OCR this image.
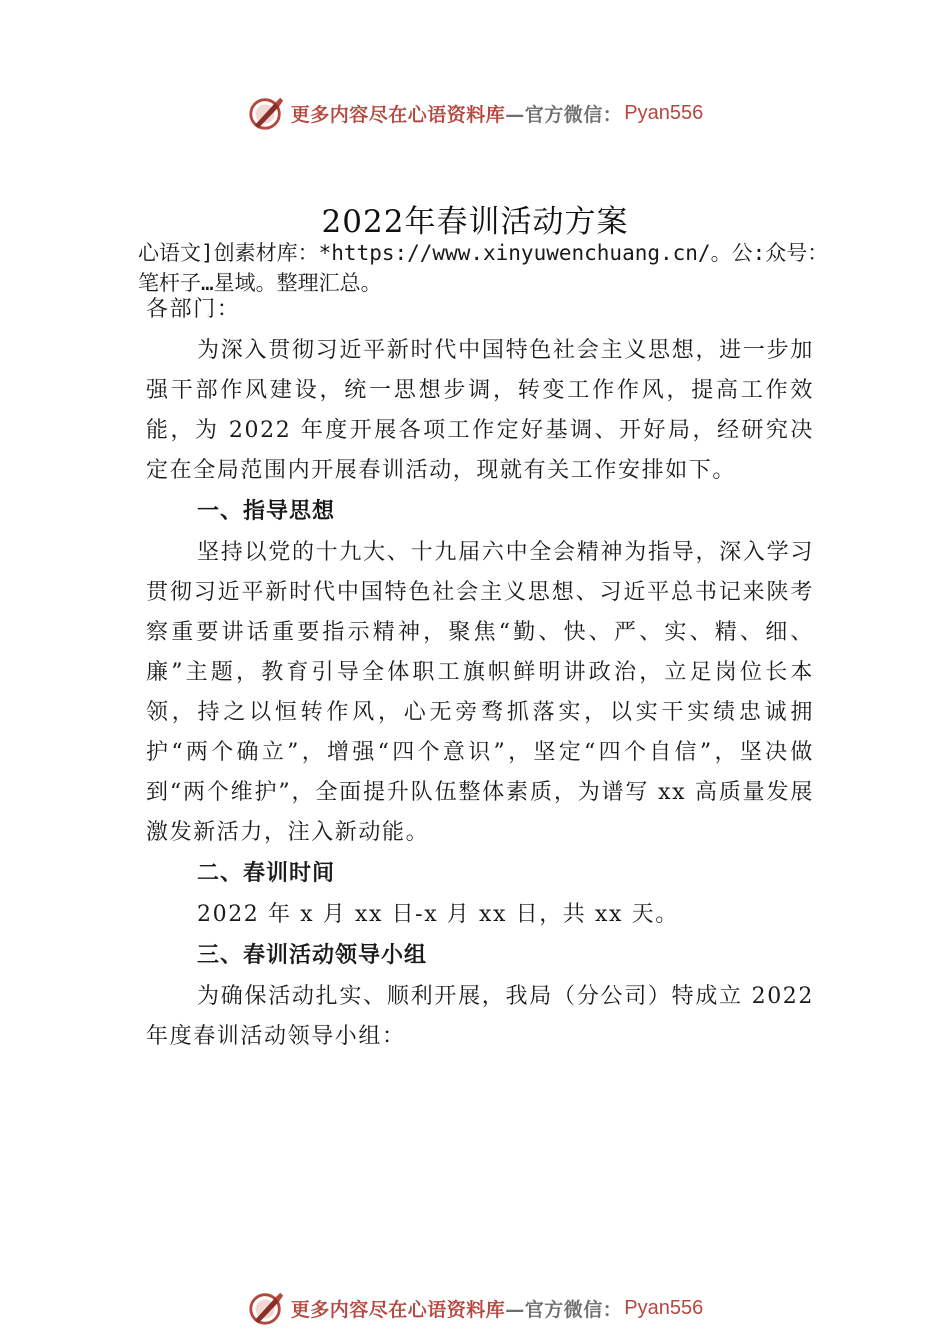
更多内容尽在心语资料库—官方微信： Pyan556
2022年春训活动方案
心语文]创素材库：*https://www.xinyuwenchuang.cn/。公:众号：笔杆子…星域。整理汇总。

各部门：

为深入贯彻习近平新时代中国特色社会主义思想，进一步加强干部作风建设，统一思想步调，转变工作作风，提高工作效能，为 2022 年度开展各项工作定好基调、开好局，经研究决定在全局范围内开展春训活动，现就有关工作安排如下。

一、指导思想

坚持以党的十九大、十九届六中全会精神为指导，深入学习贯彻习近平新时代中国特色社会主义思想、习近平总书记来陕考察重要讲话重要指示精神，聚焦“勤、快、严、实、精、细、廉”主题，教育引导全体职工旗帜鲜明讲政治，立足岗位长本领，持之以恒转作风，心无旁骛抓落实，以实干实绩忠诚拥护“两个确立”，增强“四个意识”，坚定“四个自信”，坚决做到“两个维护”，全面提升队伍整体素质，为谱写 xx 高质量发展激发新活力，注入新动能。

二、春训时间

2022 年 x 月 xx 日-x 月 xx 日，共 xx 天。

三、春训活动领导小组

为确保活动扎实、顺利开展，我局（分公司）特成立 2022 年度春训活动领导小组：

更多内容尽在心语资料库—官方微信： Pyan556
